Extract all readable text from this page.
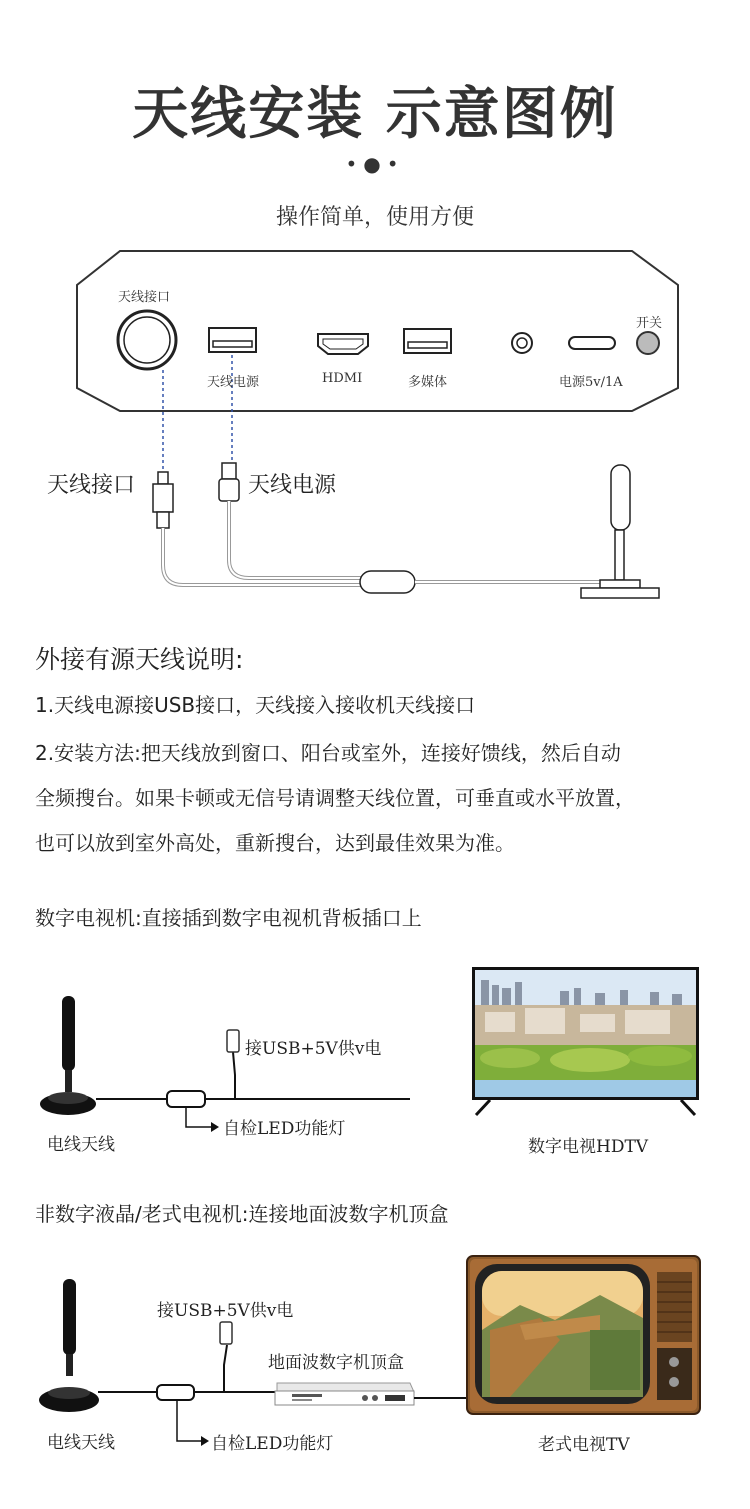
天线安装 示意图例
•●•
操作简单，使用方便
天线接口
天线电源	HDMI	多媒体	电源5v/1A
开关
天线接口	天线电源
外接有源天线说明:
1.天线电源接USB接口，天线接入接收机天线接口
2.安装方法:把天线放到窗口、阳台或室外，连接好馈线，然后自动
全频搜台。如果卡顿或无信号请调整天线位置，可垂直或水平放置，
也可以放到室外高处，重新搜台，达到最佳效果为准。
数字电视机:直接插到数字电视机背板插口上
接USB+5V供v电
自检LED功能灯
电线天线	数字电视HDTV
非数字液晶/老式电视机:连接地面波数字机顶盒
接USB+5V供v电
地面波数字机顶盒
自检LED功能灯
电线天线	老式电视TV
